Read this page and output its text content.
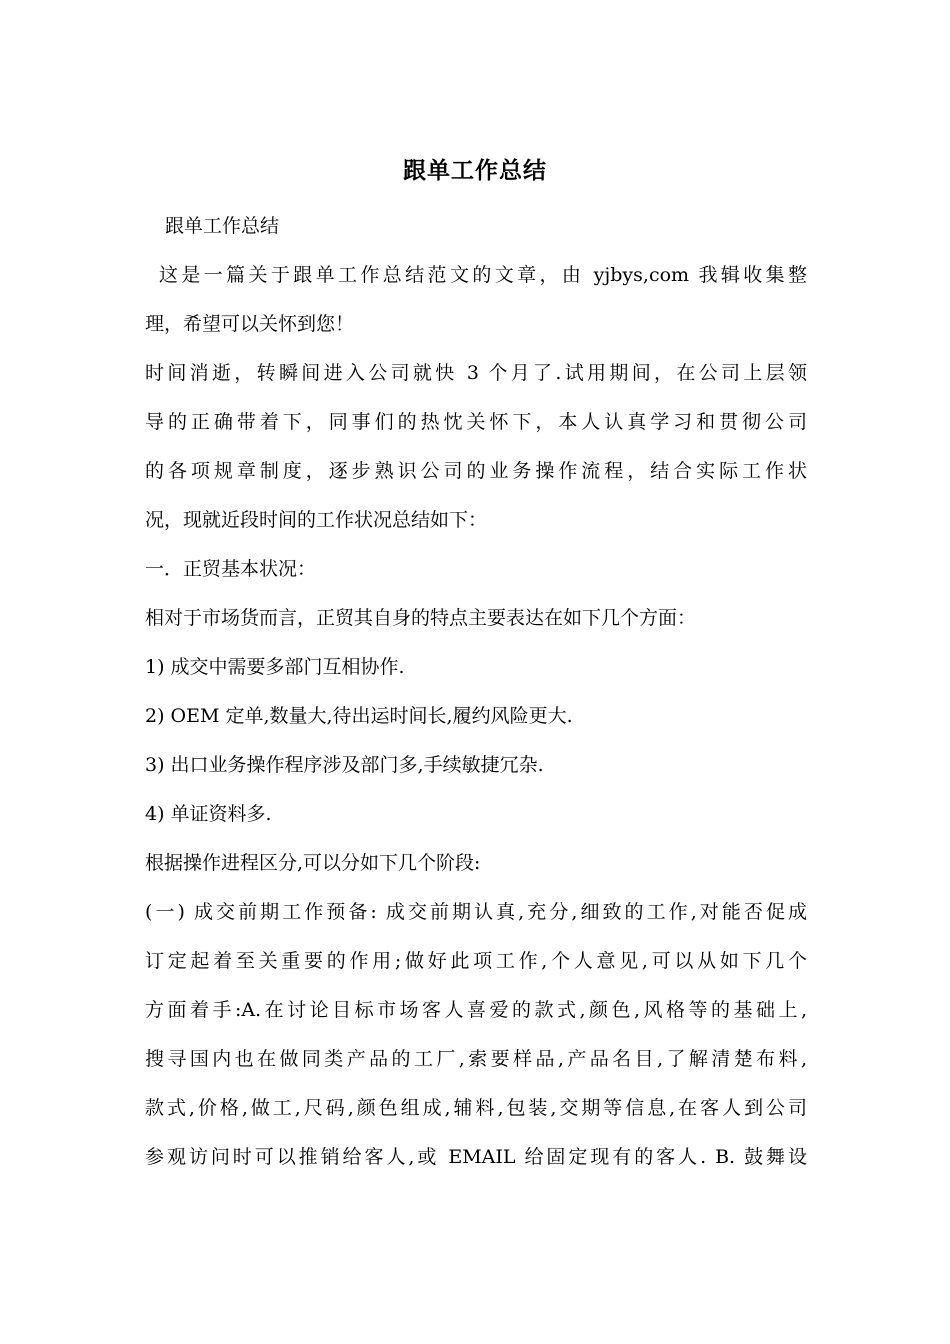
跟单工作总结
跟单工作总结
这是一篇关于跟单工作总结范文的文章，由 yjbys,com 我辑收集整
理，希望可以关怀到您！
时间消逝，转瞬间进入公司就快 3 个月了.试用期间，在公司上层领
导的正确带着下，同事们的热忱关怀下，本人认真学习和贯彻公司
的各项规章制度，逐步熟识公司的业务操作流程，结合实际工作状
况，现就近段时间的工作状况总结如下：
一．正贸基本状况：
相对于市场货而言，正贸其自身的特点主要表达在如下几个方面：
1) 成交中需要多部门互相协作.
2) OEM 定单,数量大,待出运时间长,履约风险更大.
3) 出口业务操作程序涉及部门多,手续敏捷冗杂.
4) 单证资料多.
根据操作进程区分,可以分如下几个阶段:
(一) 成交前期工作预备: 成交前期认真,充分,细致的工作,对能否促成
订定起着至关重要的作用;做好此项工作,个人意见,可以从如下几个
方面着手:A.在讨论目标市场客人喜爱的款式,颜色,风格等的基础上,
搜寻国内也在做同类产品的工厂,索要样品,产品名目,了解清楚布料,
款式,价格,做工,尺码,颜色组成,辅料,包装,交期等信息,在客人到公司
参观访问时可以推销给客人,或 EMAIL 给固定现有的客人. B. 鼓舞设
